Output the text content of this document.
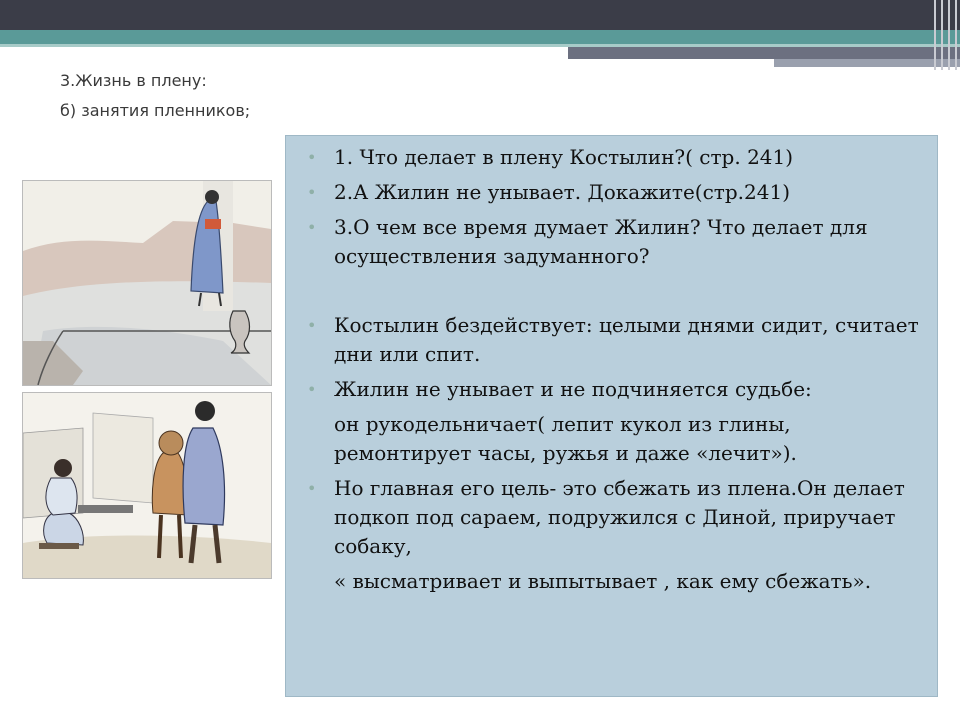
3.Жизнь в плену:
б) занятия пленников;
• 1. Что делает в плену Костылин?( стр. 241)
• 2.А Жилин не унывает. Докажите(стр.241)
• 3.О чем все время думает Жилин? Что делает для осуществления задуманного?
• Костылин бездействует: целыми днями сидит, считает дни или спит.
• Жилин не унывает и не подчиняется судьбе:
он рукодельничает( лепит кукол из глины, ремонтирует часы, ружья и даже «лечит»).
• Но главная его цель- это сбежать из плена.Он делает подкоп под сараем, подружился с Диной, приручает собаку,
« высматривает и выпытывает , как ему сбежать».
